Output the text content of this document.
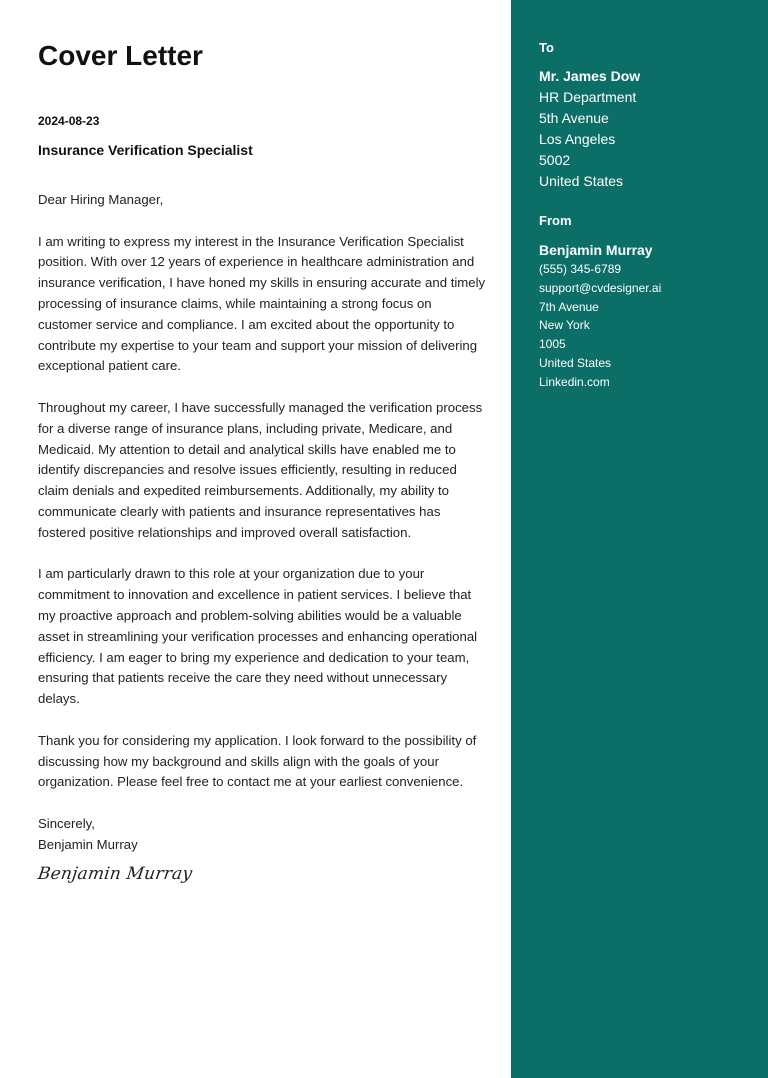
Cover Letter
2024-08-23
Insurance Verification Specialist

Dear Hiring Manager,

I am writing to express my interest in the Insurance Verification Specialist position. With over 12 years of experience in healthcare administration and insurance verification, I have honed my skills in ensuring accurate and timely processing of insurance claims, while maintaining a strong focus on customer service and compliance. I am excited about the opportunity to contribute my expertise to your team and support your mission of delivering exceptional patient care.

Throughout my career, I have successfully managed the verification process for a diverse range of insurance plans, including private, Medicare, and Medicaid. My attention to detail and analytical skills have enabled me to identify discrepancies and resolve issues efficiently, resulting in reduced claim denials and expedited reimbursements. Additionally, my ability to communicate clearly with patients and insurance representatives has fostered positive relationships and improved overall satisfaction.

I am particularly drawn to this role at your organization due to your commitment to innovation and excellence in patient services. I believe that my proactive approach and problem-solving abilities would be a valuable asset in streamlining your verification processes and enhancing operational efficiency. I am eager to bring my experience and dedication to your team, ensuring that patients receive the care they need without unnecessary delays.

Thank you for considering my application. I look forward to the possibility of discussing how my background and skills align with the goals of your organization. Please feel free to contact me at your earliest convenience.

Sincerely,

Benjamin Murray

Benjamin Murray
To
Mr. James Dow
HR Department
5th Avenue
Los Angeles
5002
United States
From
Benjamin Murray
(555) 345-6789
support@cvdesigner.ai
7th Avenue
New York
1005
United States
Linkedin.com
